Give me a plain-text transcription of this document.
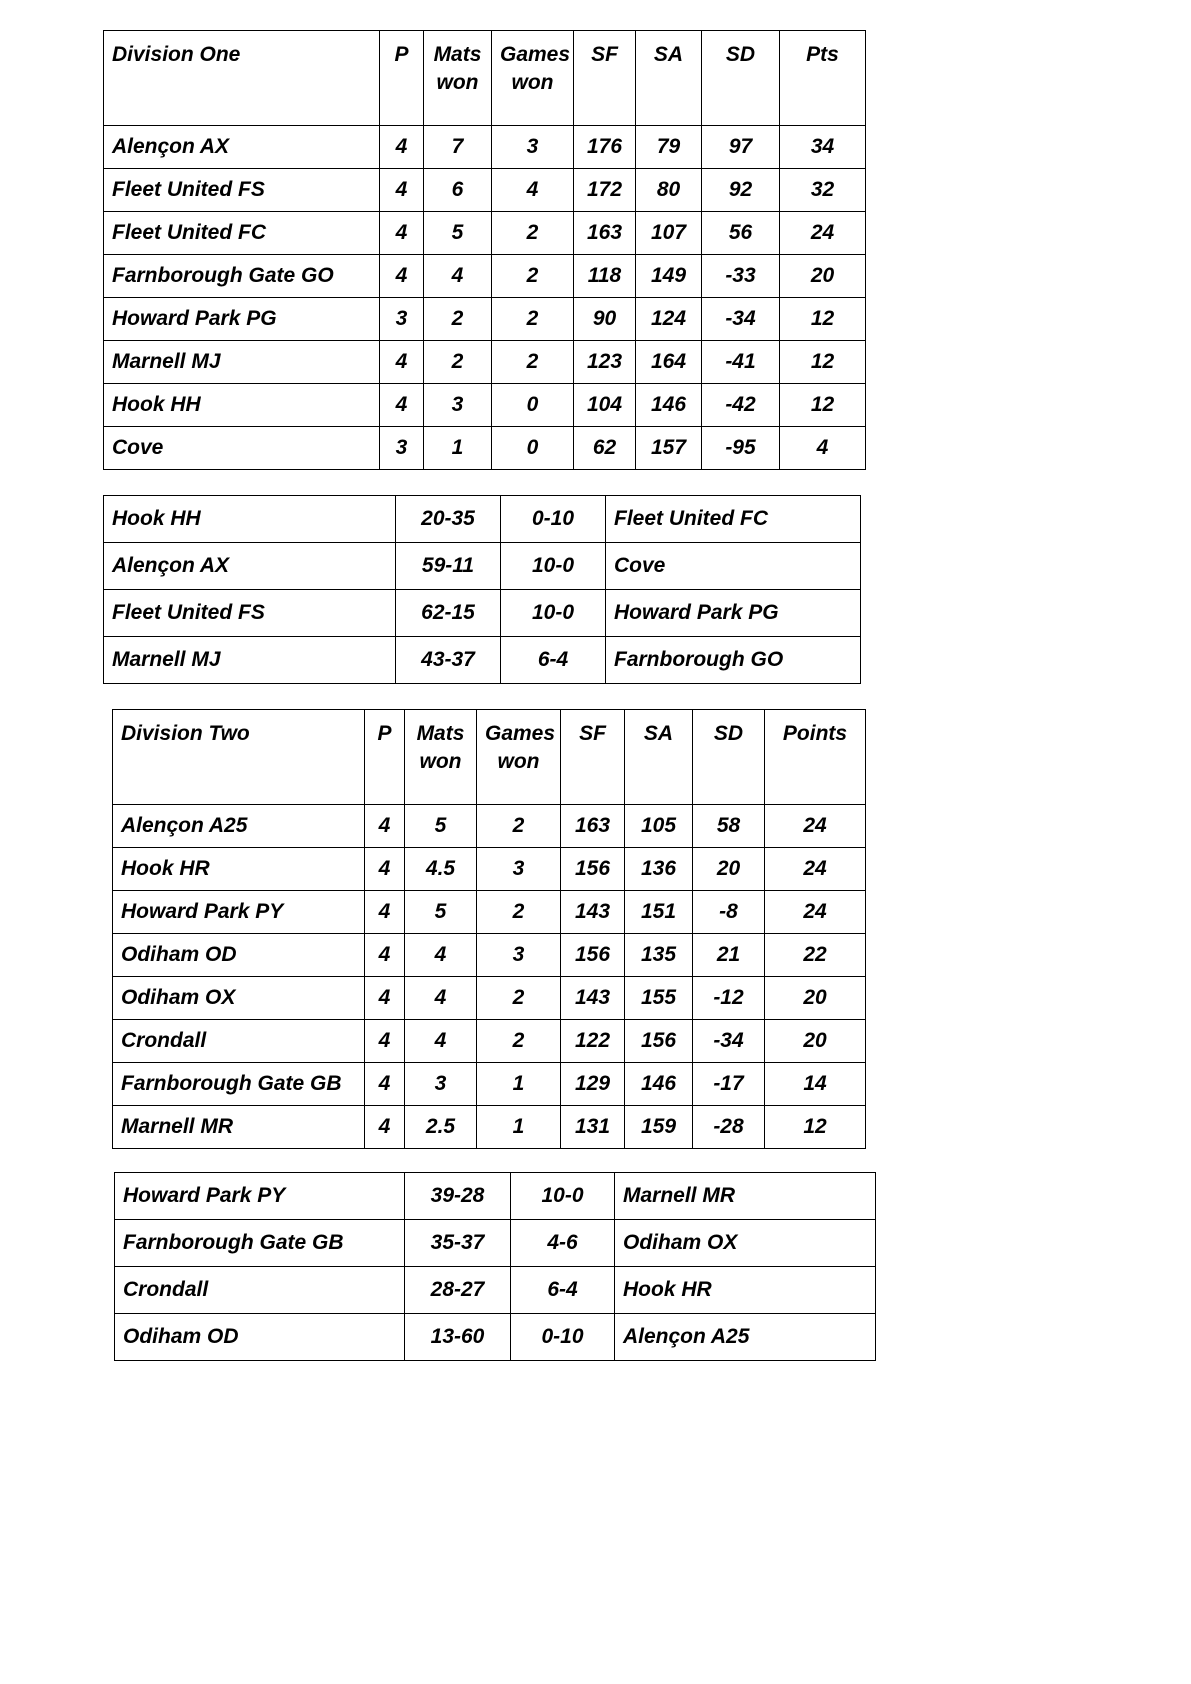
Division One	P	Mats won	Games won	SF	SA	SD	Pts

Alençon AX	4	7	3	176	79	97	34

Fleet United FS	4	6	4	172	80	92	32

Fleet United FC	4	5	2	163	107	56	24

Farnborough Gate GO	4	4	2	118	149	-33	20

Howard Park PG	3	2	2	90	124	-34	12

Marnell MJ	4	2	2	123	164	-41	12

Hook HH	4	3	0	104	146	-42	12

Cove	3	1	0	62	157	-95	4
Hook HH	20-35	0-10	Fleet United FC

Alençon AX	59-11	10-0	Cove

Fleet United FS	62-15	10-0	Howard Park PG

Marnell MJ	43-37	6-4	Farnborough GO
Division Two	P	Mats won	Games won	SF	SA	SD	Points

Alençon A25	4	5	2	163	105	58	24

Hook HR	4	4.5	3	156	136	20	24

Howard Park PY	4	5	2	143	151	-8	24

Odiham OD	4	4	3	156	135	21	22

Odiham OX	4	4	2	143	155	-12	20

Crondall	4	4	2	122	156	-34	20

Farnborough Gate GB	4	3	1	129	146	-17	14

Marnell MR	4	2.5	1	131	159	-28	12
Howard Park PY	39-28	10-0	Marnell MR

Farnborough Gate GB	35-37	4-6	Odiham OX

Crondall	28-27	6-4	Hook HR

Odiham OD	13-60	0-10	Alençon A25
